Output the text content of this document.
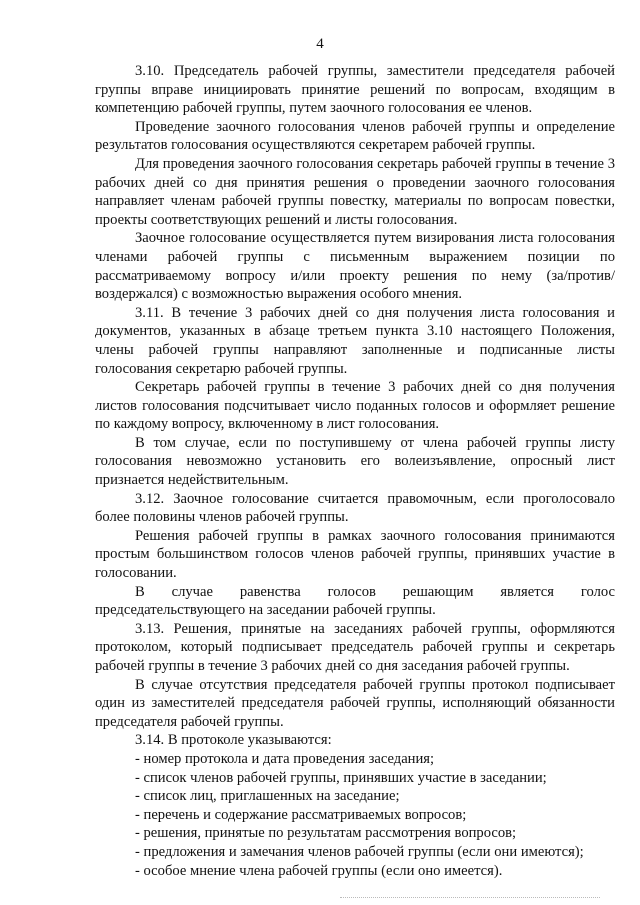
4

3.10. Председатель рабочей группы, заместители председателя рабочей группы вправе инициировать принятие решений по вопросам, входящим в компетенцию рабочей группы, путем заочного голосования ее членов.

Проведение заочного голосования членов рабочей группы и определение результатов голосования осуществляются секретарем рабочей группы.

Для проведения заочного голосования секретарь рабочей группы в течение 3 рабочих дней со дня принятия решения о проведении заочного голосования направляет членам рабочей группы повестку, материалы по вопросам повестки, проекты соответствующих решений и листы голосования.

Заочное голосование осуществляется путем визирования листа голосования членами рабочей группы с письменным выражением позиции по рассматриваемому вопросу и/или проекту решения по нему (за/против/воздержался) с возможностью выражения особого мнения.

3.11. В течение 3 рабочих дней со дня получения листа голосования и документов, указанных в абзаце третьем пункта 3.10 настоящего Положения, члены рабочей группы направляют заполненные и подписанные листы голосования секретарю рабочей группы.

Секретарь рабочей группы в течение 3 рабочих дней со дня получения листов голосования подсчитывает число поданных голосов и оформляет решение по каждому вопросу, включенному в лист голосования.

В том случае, если по поступившему от члена рабочей группы листу голосования невозможно установить его волеизъявление, опросный лист признается недействительным.

3.12. Заочное голосование считается правомочным, если проголосовало более половины членов рабочей группы.

Решения рабочей группы в рамках заочного голосования принимаются простым большинством голосов членов рабочей группы, принявших участие в голосовании.

В случае равенства голосов решающим является голос председательствующего на заседании рабочей группы.

3.13. Решения, принятые на заседаниях рабочей группы, оформляются протоколом, который подписывает председатель рабочей группы и секретарь рабочей группы в течение 3 рабочих дней со дня заседания рабочей группы.

В случае отсутствия председателя рабочей группы протокол подписывает один из заместителей председателя рабочей группы, исполняющий обязанности председателя рабочей группы.

3.14. В протоколе указываются:

- номер протокола и дата проведения заседания;

- список членов рабочей группы, принявших участие в заседании;

- список лиц, приглашенных на заседание;

- перечень и содержание рассматриваемых вопросов;

- решения, принятые по результатам рассмотрения вопросов;

- предложения и замечания членов рабочей группы (если они имеются);

- особое мнение члена рабочей группы (если оно имеется).
